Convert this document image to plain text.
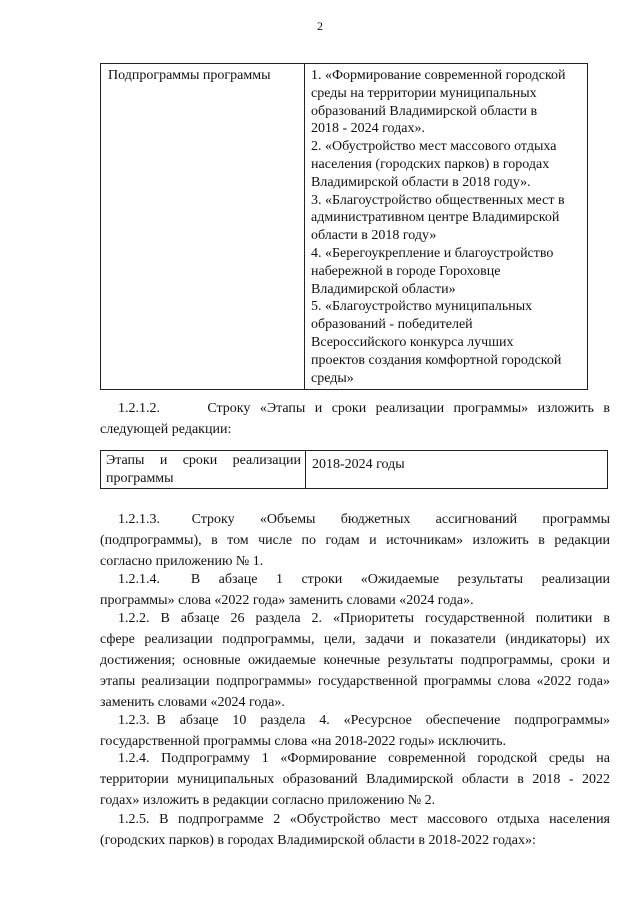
2
Подпрограммы программы	1. «Формирование современной городской
среды на территории муниципальных
образований Владимирской области в
2018 - 2024 годах».
2. «Обустройство мест массового отдыха
населения (городских парков) в городах
Владимирской области в 2018 году».
3. «Благоустройство общественных мест в
административном центре Владимирской
области в 2018 году»
4. «Берегоукрепление и благоустройство
набережной в городе Гороховце
Владимирской области»
5. «Благоустройство муниципальных
образований - победителей
Всероссийского конкурса лучших
проектов создания комфортной городской
среды»
1.2.1.2.     Строку «Этапы и сроки реализации программы» изложить в
следующей редакции:
Этапы и сроки реализации
программы
	2018-2024 годы
1.2.1.3.     Строку    «Объемы    бюджетных    ассигнований    программы
(подпрограммы), в том числе по годам и источникам» изложить в редакции
согласно приложению № 1.
1.2.1.4.     В   абзаце   1   строки   «Ожидаемые   результаты   реализации
программы» слова «2022 года» заменить словами «2024 года».
1.2.2. В абзаце 26 раздела 2. «Приоритеты государственной политики в
сфере реализации подпрограммы, цели, задачи и показатели (индикаторы) их
достижения; основные ожидаемые конечные результаты подпрограммы, сроки и
этапы реализации подпрограммы» государственной программы слова «2022 года»
заменить словами «2024 года».
1.2.3. В  абзаце  10  раздела  4.  «Ресурсное  обеспечение  подпрограммы»
государственной программы слова «на 2018-2022 годы» исключить.
1.2.4. Подпрограмму 1 «Формирование современной городской среды на
территории муниципальных образований Владимирской области в 2018 - 2022
годах» изложить в редакции согласно приложению № 2.
1.2.5. В подпрограмме 2 «Обустройство мест массового отдыха населения
(городских парков) в городах Владимирской области в 2018-2022 годах»:
